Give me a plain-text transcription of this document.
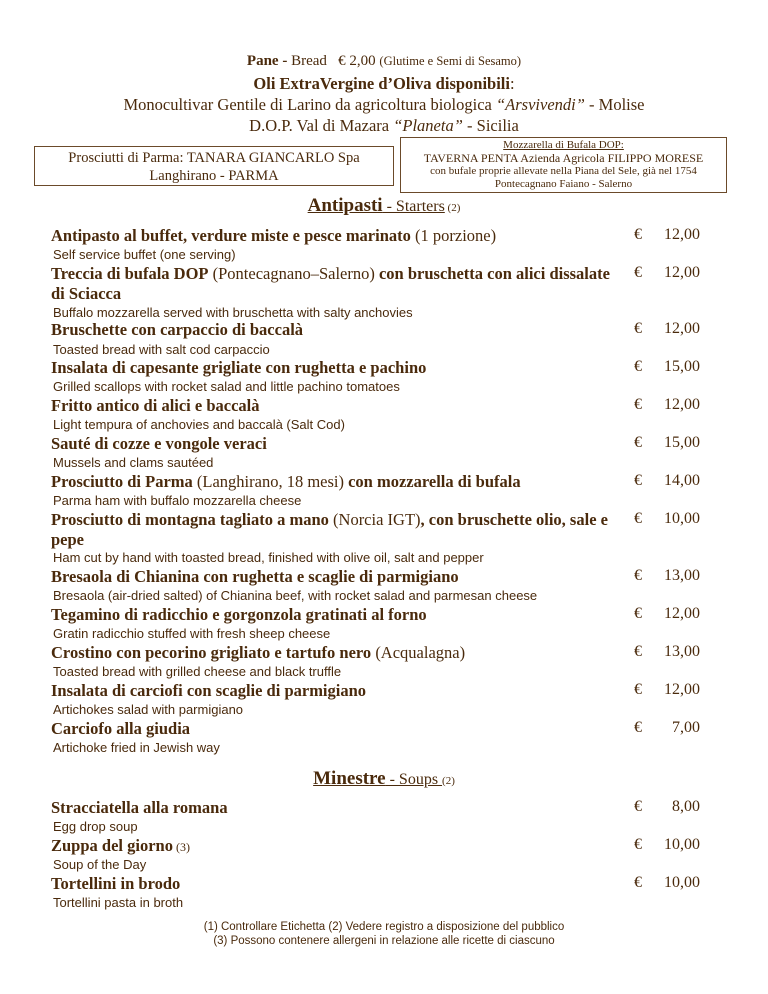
Pane - Bread € 2,00 (Glutime e Semi di Sesamo)
Oli ExtraVergine d’Oliva disponibili:
Monocultivar Gentile di Larino da agricoltura biologica “Arsvivendi” - Molise
D.O.P. Val di Mazara “Planeta” - Sicilia
Prosciutti di Parma: TANARA GIANCARLO Spa
Langhirano - PARMA
Mozzarella di Bufala DOP:
TAVERNA PENTA Azienda Agricola FILIPPO MORESE
con bufale proprie allevate nella Piana del Sele, già nel 1754
Pontecagnano Faiano - Salerno
Antipasti - Starters (2)
Antipasto al buffet, verdure miste e pesce marinato (1 porzione)	€ 12,00
Self service buffet (one serving)
Treccia di bufala DOP (Pontecagnano–Salerno) con bruschetta con alici dissalate di Sciacca
€ 12,00
Buffalo mozzarella served with bruschetta with salty anchovies
Bruschette con carpaccio di baccalà	€ 12,00
Toasted bread with salt cod carpaccio
Insalata di capesante grigliate con rughetta e pachino	€ 15,00
Grilled scallops with rocket salad and little pachino tomatoes
Fritto antico di alici e baccalà	€ 12,00
Light tempura of anchovies and baccalà (Salt Cod)
Sauté di cozze e vongole veraci	€ 15,00
Mussels and clams sautéed
Prosciutto di Parma (Langhirano, 18 mesi) con mozzarella di bufala	€ 14,00
Parma ham with buffalo mozzarella cheese
Prosciutto di montagna tagliato a mano (Norcia IGT), con bruschette olio, sale e pepe
€ 10,00
Ham cut by hand with toasted bread, finished with olive oil, salt and pepper
Bresaola di Chianina con rughetta e scaglie di parmigiano	€ 13,00
Bresaola (air-dried salted) of Chianina beef, with rocket salad and parmesan cheese
Tegamino di radicchio e gorgonzola gratinati al forno	€ 12,00
Gratin radicchio stuffed with fresh sheep cheese
Crostino con pecorino grigliato e tartufo nero (Acqualagna)	€ 13,00
Toasted bread with grilled cheese and black truffle
Insalata di carciofi con scaglie di parmigiano	€ 12,00
Artichokes salad with parmigiano
Carciofo alla giudia	€ 7,00
Artichoke fried in Jewish way
Minestre - Soups (2)
Stracciatella alla romana	€ 8,00
Egg drop soup
Zuppa del giorno (3)	€ 10,00
Soup of the Day
Tortellini in brodo	€ 10,00
Tortellini pasta in broth
(1) Controllare Etichetta (2) Vedere registro a disposizione del pubblico
(3) Possono contenere allergeni in relazione alle ricette di ciascuno
